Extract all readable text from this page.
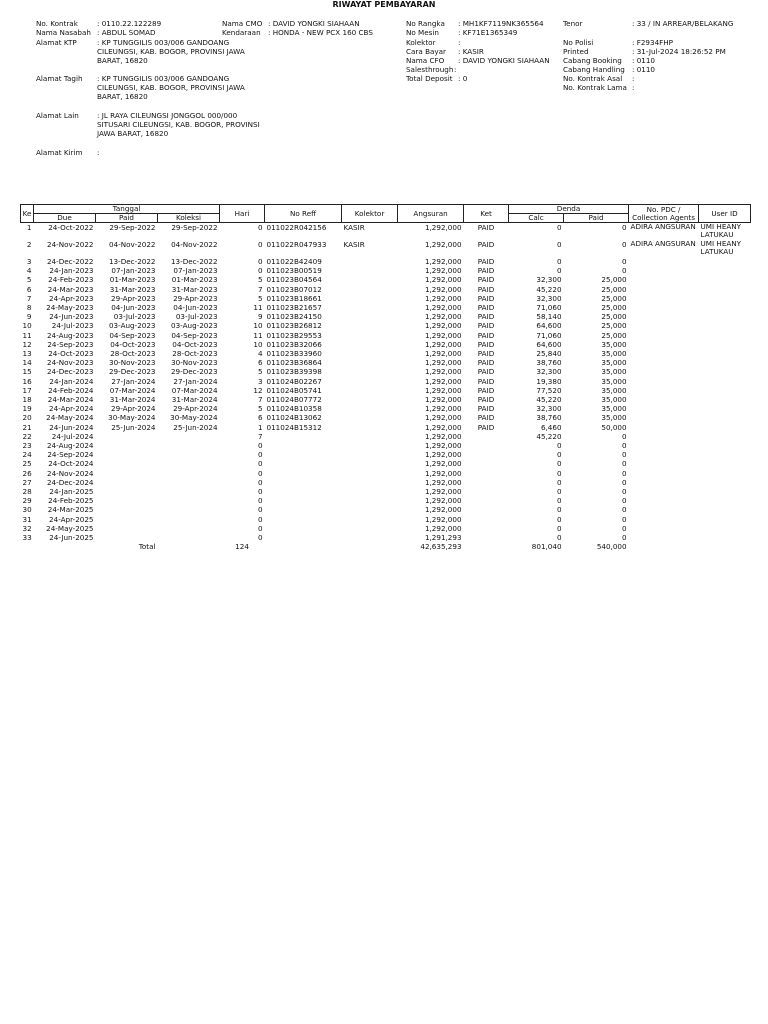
RIWAYAT PEMBAYARAN
No. Kontrak	: 0110.22.122289
Nama Nasabah	: ABDUL SOMAD
Alamat KTP	: KP TUNGGILIS 003/006 GANDOANG CILEUNGSI, KAB. BOGOR, PROVINSI JAWA BARAT, 16820
Alamat Tagih	: KP TUNGGILIS 003/006 GANDOANG CILEUNGSI, KAB. BOGOR, PROVINSI JAWA BARAT, 16820
Alamat Lain	: JL RAYA CILEUNGSI JONGGOL 000/000 SITUSARI CILEUNGSI, KAB. BOGOR, PROVINSI JAWA BARAT, 16820
Alamat Kirim
:
Nama CMO	: DAVID YONGKI SIAHAAN
Kendaraan	: HONDA - NEW PCX 160 CBS
No Rangka	: MH1KF7119NK365564
No Mesin	: KF71E1365349
Kolektor
:
Cara Bayar	: KASIR
Nama CFO	: DAVID YONGKI SIAHAAN
Salesthrough
:
Total Deposit	: 0
Tenor	: 33 / IN ARREAR/BELAKANG
No Polisi	: F2934FHP
Printed	: 31-Jul-2024 18:26:52 PM
Cabang Booking	: 0110
Cabang Handling	: 0110
No. Kontrak Asal
:
No. Kontrak Lama
:
Ke	Tanggal			Hari	No Reff	Kolektor	Angsuran	Ket	Denda		No. PDC / Collection Agents	User ID
	Due	Paid	Koleksi						Calc	Paid		
1	24-Oct-2022	29-Sep-2022	29-Sep-2022	0	011022R042156	KASIR	1,292,000	PAID	0	0	ADIRA ANGSURAN	UMI HEANY LATUKAU
2	24-Nov-2022	04-Nov-2022	04-Nov-2022	0	011022R047933	KASIR	1,292,000	PAID	0	0	ADIRA ANGSURAN	UMI HEANY LATUKAU
3	24-Dec-2022	13-Dec-2022	13-Dec-2022	0	011022B42409		1,292,000	PAID	0	0		
4	24-Jan-2023	07-Jan-2023	07-Jan-2023	0	011023B00519		1,292,000	PAID	0	0		
5	24-Feb-2023	01-Mar-2023	01-Mar-2023	5	011023B04564		1,292,000	PAID	32,300	25,000		
6	24-Mar-2023	31-Mar-2023	31-Mar-2023	7	011023B07012		1,292,000	PAID	45,220	25,000		
7	24-Apr-2023	29-Apr-2023	29-Apr-2023	5	011023B18661		1,292,000	PAID	32,300	25,000		
8	24-May-2023	04-Jun-2023	04-Jun-2023	11	011023B21657		1,292,000	PAID	71,060	25,000		
9	24-Jun-2023	03-Jul-2023	03-Jul-2023	9	011023B24150		1,292,000	PAID	58,140	25,000		
10	24-Jul-2023	03-Aug-2023	03-Aug-2023	10	011023B26812		1,292,000	PAID	64,600	25,000		
11	24-Aug-2023	04-Sep-2023	04-Sep-2023	11	011023B29553		1,292,000	PAID	71,060	25,000		
12	24-Sep-2023	04-Oct-2023	04-Oct-2023	10	011023B32066		1,292,000	PAID	64,600	35,000		
13	24-Oct-2023	28-Oct-2023	28-Oct-2023	4	011023B33960		1,292,000	PAID	25,840	35,000		
14	24-Nov-2023	30-Nov-2023	30-Nov-2023	6	011023B36864		1,292,000	PAID	38,760	35,000		
15	24-Dec-2023	29-Dec-2023	29-Dec-2023	5	011023B39398		1,292,000	PAID	32,300	35,000		
16	24-Jan-2024	27-Jan-2024	27-Jan-2024	3	011024B02267		1,292,000	PAID	19,380	35,000		
17	24-Feb-2024	07-Mar-2024	07-Mar-2024	12	011024B05741		1,292,000	PAID	77,520	35,000		
18	24-Mar-2024	31-Mar-2024	31-Mar-2024	7	011024B07772		1,292,000	PAID	45,220	35,000		
19	24-Apr-2024	29-Apr-2024	29-Apr-2024	5	011024B10358		1,292,000	PAID	32,300	35,000		
20	24-May-2024	30-May-2024	30-May-2024	6	011024B13062		1,292,000	PAID	38,760	35,000		
21	24-Jun-2024	25-Jun-2024	25-Jun-2024	1	011024B15312		1,292,000	PAID	6,460	50,000		
22	24-Jul-2024			7			1,292,000		45,220	0		
23	24-Aug-2024			0			1,292,000		0	0		
24	24-Sep-2024			0			1,292,000		0	0		
25	24-Oct-2024			0			1,292,000		0	0		
26	24-Nov-2024			0			1,292,000		0	0		
27	24-Dec-2024			0			1,292,000		0	0		
28	24-Jan-2025			0			1,292,000		0	0		
29	24-Feb-2025			0			1,292,000		0	0		
30	24-Mar-2025			0			1,292,000		0	0		
31	24-Apr-2025			0			1,292,000		0	0		
32	24-May-2025			0			1,292,000		0	0		
33	24-Jun-2025			0			1,291,293		0	0		
		Total		124			42,635,293		801,040	540,000		
